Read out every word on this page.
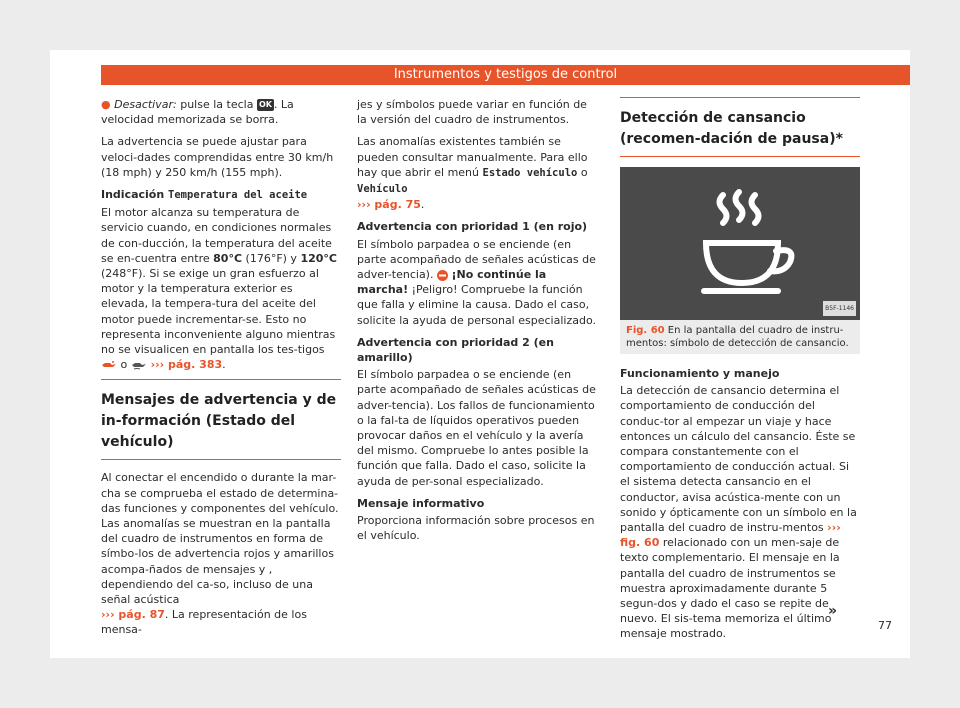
Instrumentos y testigos de control

● Desactivar: pulse la tecla OK . La velocidad memorizada se borra.

La advertencia se puede ajustar para veloci-dades comprendidas entre 30 km/h (18 mph) y 250 km/h (155 mph).

Indicación Temperatura del aceite

El motor alcanza su temperatura de servicio cuando, en condiciones normales de con-ducción, la temperatura del aceite se en-cuentra entre 80°C (176°F) y 120°C (248°F). Si se exige un gran esfuerzo al motor y la temperatura exterior es elevada, la tempera-tura del aceite del motor puede incrementar-se. Esto no representa inconveniente alguno mientras no se visualicen en pantalla los tes-tigos  o  ››› pág. 383.

Mensajes de advertencia y de in-formación (Estado del vehículo)

Al conectar el encendido o durante la mar-cha se comprueba el estado de determina-das funciones y componentes del vehículo. Las anomalías se muestran en la pantalla del cuadro de instrumentos en forma de símbo-los de advertencia rojos y amarillos acompa-ñados de mensajes y , dependiendo del ca-so, incluso de una señal acústica
››› pág. 87. La representación de los mensa-

jes y símbolos puede variar en función de la versión del cuadro de instrumentos.

Las anomalías existentes también se pueden consultar manualmente. Para ello hay que abrir el menú Estado vehículo o Vehículo
››› pág. 75.

Advertencia con prioridad 1 (en rojo)

El símbolo parpadea o se enciende (en parte acompañado de señales acústicas de adver-tencia).  ¡No continúe la marcha! ¡Peligro! Compruebe la función que falla y elimine la causa. Dado el caso, solicite la ayuda de personal especializado.

Advertencia con prioridad 2 (en amarillo)

El símbolo parpadea o se enciende (en parte acompañado de señales acústicas de adver-tencia). Los fallos de funcionamiento o la fal-ta de líquidos operativos pueden provocar daños en el vehículo y la avería del mismo. Compruebe lo antes posible la función que falla. Dado el caso, solicite la ayuda de per-sonal especializado.

Mensaje informativo

Proporciona información sobre procesos en el vehículo.

Detección de cansancio (recomen-dación de pausa)*
B5F-1146
Fig. 60 En la pantalla del cuadro de instru-mentos: símbolo de detección de cansancio.

Funcionamiento y manejo

La detección de cansancio determina el comportamiento de conducción del conduc-tor al empezar un viaje y hace entonces un cálculo del cansancio. Éste se compara constantemente con el comportamiento de conducción actual. Si el sistema detecta cansancio en el conductor, avisa acústica-mente con un sonido y ópticamente con un símbolo en la pantalla del cuadro de instru-mentos ››› fig. 60 relacionado con un men-saje de texto complementario. El mensaje en la pantalla del cuadro de instrumentos se muestra aproximadamente durante 5 segun-dos y dado el caso se repite de nuevo. El sis-tema memoriza el último mensaje mostrado.

»
77
